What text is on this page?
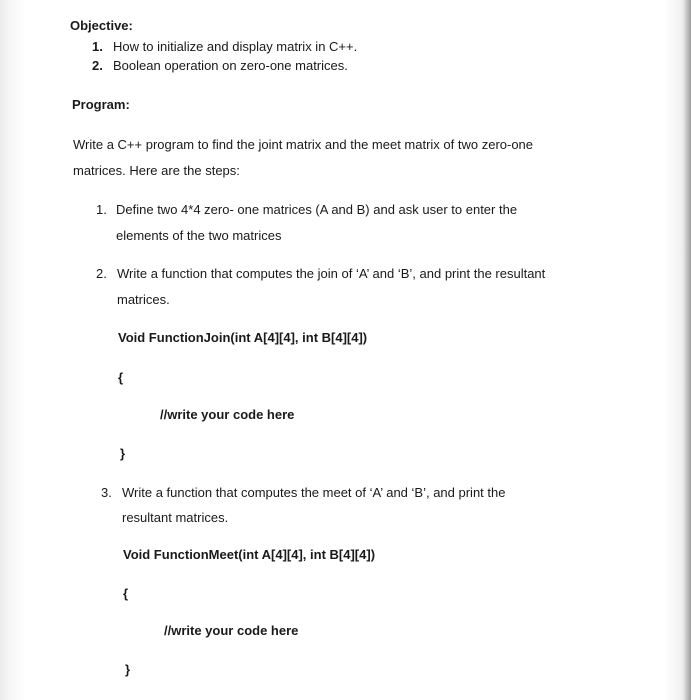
Objective:
1. How to initialize and display matrix in C++.
2. Boolean operation on zero-one matrices.
Program:
Write a C++ program to find the joint matrix and the meet matrix of two zero-one
matrices. Here are the steps:
1. Define two 4*4 zero- one matrices (A and B) and ask user to enter the
elements of the two matrices
2. Write a function that computes the join of ‘A’ and ‘B’, and print the resultant
matrices.
Void FunctionJoin(int A[4][4], int B[4][4])
{
//write your code here
}
3. Write a function that computes the meet of ‘A’ and ‘B’, and print the
resultant matrices.
Void FunctionMeet(int A[4][4], int B[4][4])
{
//write your code here
}
